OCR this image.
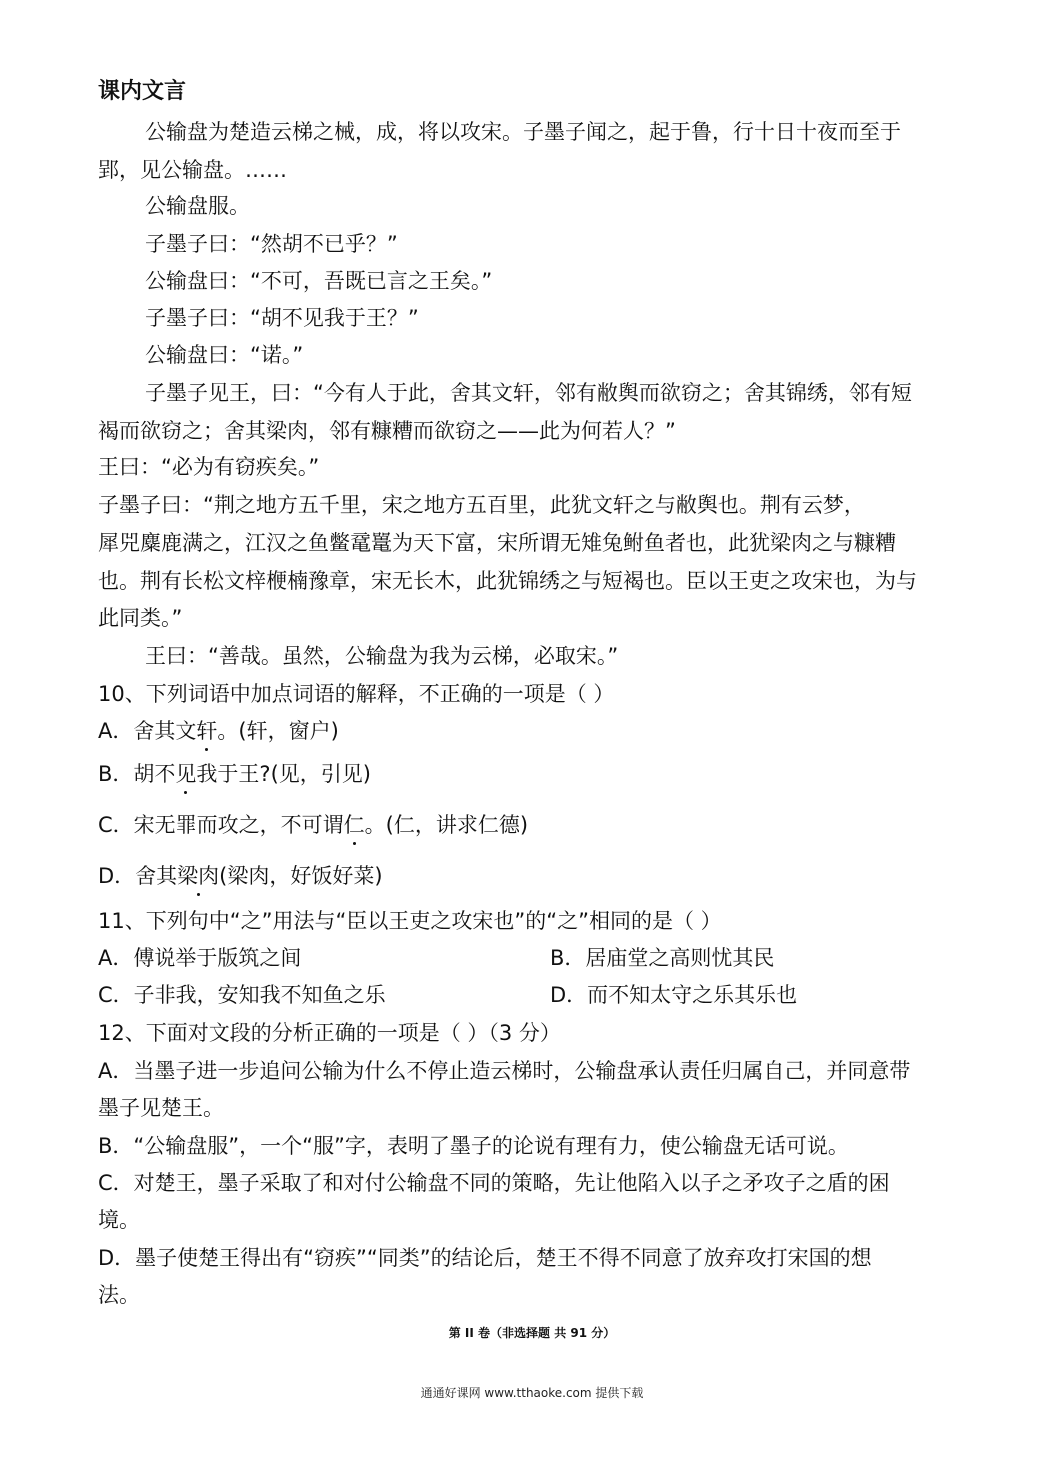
课内文言
公输盘为楚造云梯之械，成，将以攻宋。子墨子闻之，起于鲁，行十日十夜而至于
郢，见公输盘。……
公输盘服。
子墨子曰：“然胡不已乎？”
公输盘曰：“不可，吾既已言之王矣。”
子墨子曰：“胡不见我于王？”
公输盘曰：“诺。”
子墨子见王，曰：“今有人于此，舍其文轩，邻有敝舆而欲窃之；舍其锦绣，邻有短
褐而欲窃之；舍其梁肉，邻有糠糟而欲窃之——此为何若人？”
王曰：“必为有窃疾矣。”
子墨子曰：“荆之地方五千里，宋之地方五百里，此犹文轩之与敝舆也。荆有云梦，
犀兕麋鹿满之，江汉之鱼鳖鼋鼍为天下富，宋所谓无雉兔鲋鱼者也，此犹梁肉之与糠糟
也。荆有长松文梓楩楠豫章，宋无长木，此犹锦绣之与短褐也。臣以王吏之攻宋也，为与
此同类。”
王曰：“善哉。虽然，公输盘为我为云梯，必取宋。”
10、下列词语中加点词语的解释，不正确的一项是（ ）
A．舍其文轩。(轩，窗户)
B．胡不见我于王?(见，引见)
C．宋无罪而攻之，不可谓仁。(仁，讲求仁德)
D．舍其梁肉(梁肉，好饭好菜)
11、下列句中“之”用法与“臣以王吏之攻宋也”的“之”相同的是（ ）
A．傅说举于版筑之间	B．居庙堂之高则忧其民
C．子非我，安知我不知鱼之乐	D．而不知太守之乐其乐也
12、下面对文段的分析正确的一项是（ ）（3 分）
A．当墨子进一步追问公输为什么不停止造云梯时，公输盘承认责任归属自己，并同意带
墨子见楚王。
B．“公输盘服”，一个“服”字，表明了墨子的论说有理有力，使公输盘无话可说。
C．对楚王，墨子采取了和对付公输盘不同的策略，先让他陷入以子之矛攻子之盾的困
境。
D．墨子使楚王得出有“窃疾”“同类”的结论后，楚王不得不同意了放弃攻打宋国的想
法。
第 II 卷（非选择题 共 91 分）
通通好课网 www.tthaoke.com 提供下载
